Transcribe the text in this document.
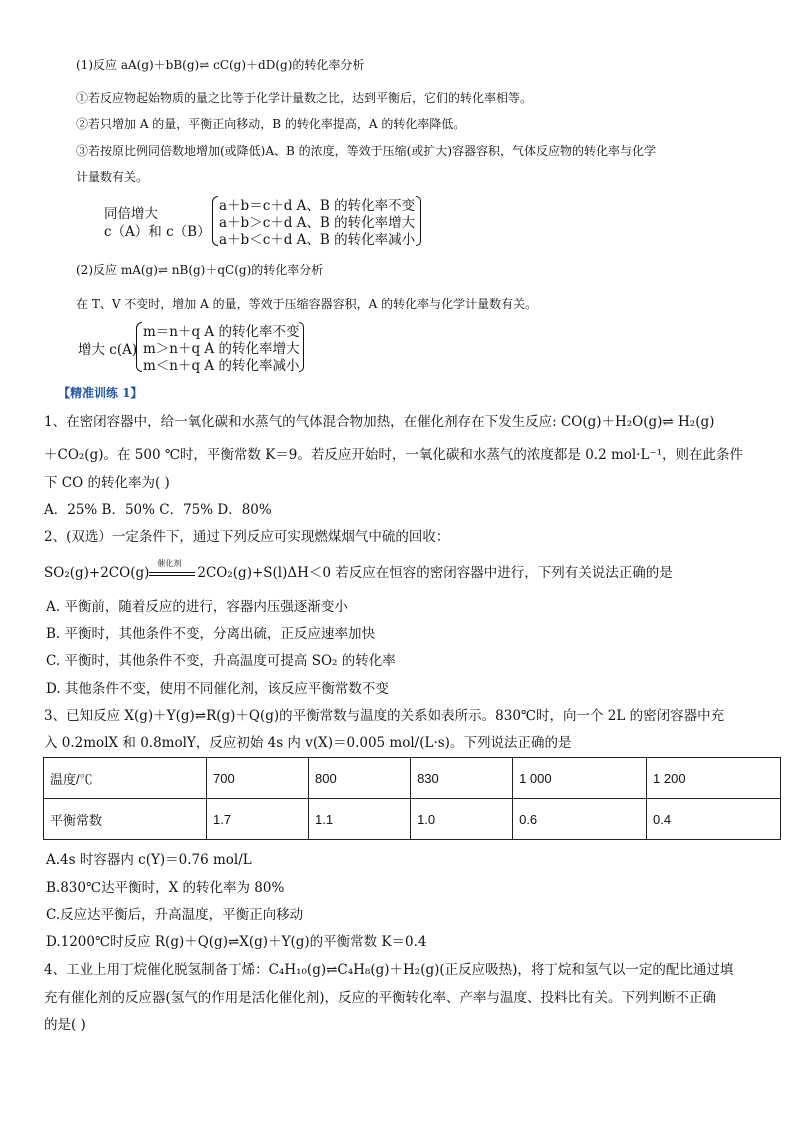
(1)反应 aA(g)＋bB(g)⇌ cC(g)＋dD(g)的转化率分析
①若反应物起始物质的量之比等于化学计量数之比，达到平衡后，它们的转化率相等。
②若只增加 A 的量，平衡正向移动，B 的转化率提高，A 的转化率降低。
③若按原比例同倍数地增加(或降低)A、B 的浓度，等效于压缩(或扩大)容器容积，气体反应物的转化率与化学
计量数有关。
同倍增大
c（A）和 c（B）
a＋b＝c＋d A、B 的转化率不变
a＋b＞c＋d A、B 的转化率增大
a＋b＜c＋d A、B 的转化率减小
(2)反应 mA(g)⇌ nB(g)＋qC(g)的转化率分析
在 T、V 不变时，增加 A 的量，等效于压缩容器容积，A 的转化率与化学计量数有关。
增大 c(A)
m＝n＋q A 的转化率不变
m＞n＋q A 的转化率增大
m＜n＋q A 的转化率减小
【精准训练 1】
1、在密闭容器中，给一氧化碳和水蒸气的气体混合物加热，在催化剂存在下发生反应: CO(g)＋H₂O(g)⇌ H₂(g)
＋CO₂(g)。在 500 ℃时，平衡常数 K＝9。若反应开始时，一氧化碳和水蒸气的浓度都是 0.2 mol·L⁻¹，则在此条件
下 CO 的转化率为( )
A．25% B．50% C．75% D．80%
2、(双选）一定条件下，通过下列反应可实现燃煤烟气中硫的回收：
SO₂(g)+2CO(g)
催化剂
2CO₂(g)+S(l)ΔH＜0 若反应在恒容的密闭容器中进行，下列有关说法正确的是
A. 平衡前，随着反应的进行，容器内压强逐渐变小
B. 平衡时，其他条件不变，分离出硫，正反应速率加快
C. 平衡时，其他条件不变，升高温度可提高 SO₂ 的转化率
D. 其他条件不变，使用不同催化剂，该反应平衡常数不变
3、已知反应 X(g)＋Y(g)⇌R(g)＋Q(g)的平衡常数与温度的关系如表所示。830℃时，向一个 2L 的密闭容器中充
入 0.2molX 和 0.8molY，反应初始 4s 内 v(X)＝0.005 mol/(L·s)。下列说法正确的是
温度/℃	700	800	830	1 000	1 200
平衡常数	1.7	1.1	1.0	0.6	0.4
A.4s 时容器内 c(Y)＝0.76 mol/L
B.830℃达平衡时，X 的转化率为 80%
C.反应达平衡后，升高温度，平衡正向移动
D.1200℃时反应 R(g)＋Q(g)⇌X(g)＋Y(g)的平衡常数 K＝0.4
4、工业上用丁烷催化脱氢制备丁烯：C₄H₁₀(g)⇌C₄H₈(g)＋H₂(g)(正反应吸热)，将丁烷和氢气以一定的配比通过填
充有催化剂的反应器(氢气的作用是活化催化剂)，反应的平衡转化率、产率与温度、投料比有关。下列判断不正确
的是( )
